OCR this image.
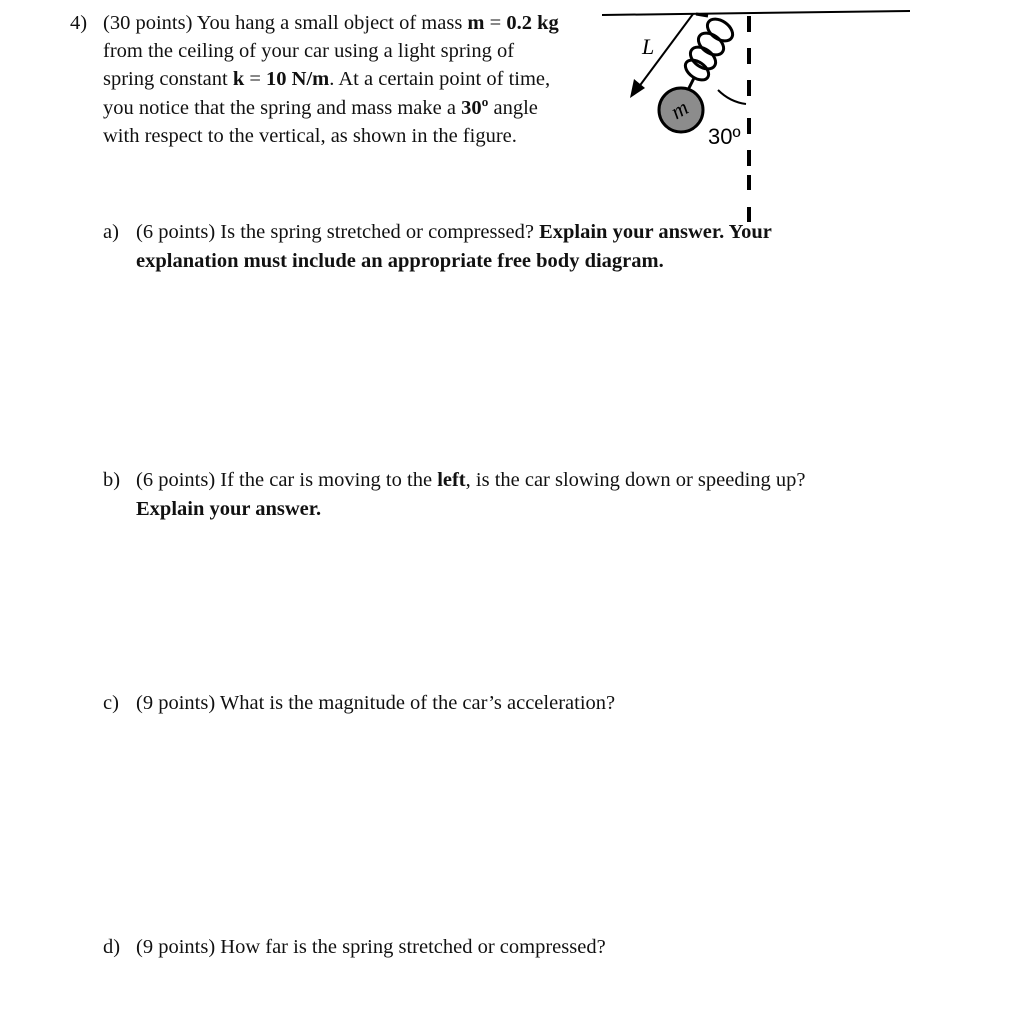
4) (30 points) You hang a small object of mass m = 0.2 kg
from the ceiling of your car using a light spring of
spring constant k = 10 N/m. At a certain point of time,
you notice that the spring and mass make a 30º angle
with respect to the vertical, as shown in the figure.
L
m
30º
a) (6 points) Is the spring stretched or compressed? Explain your answer. Your
explanation must include an appropriate free body diagram.
b) (6 points) If the car is moving to the left, is the car slowing down or speeding up?
Explain your answer.
c) (9 points) What is the magnitude of the car’s acceleration?
d) (9 points) How far is the spring stretched or compressed?
